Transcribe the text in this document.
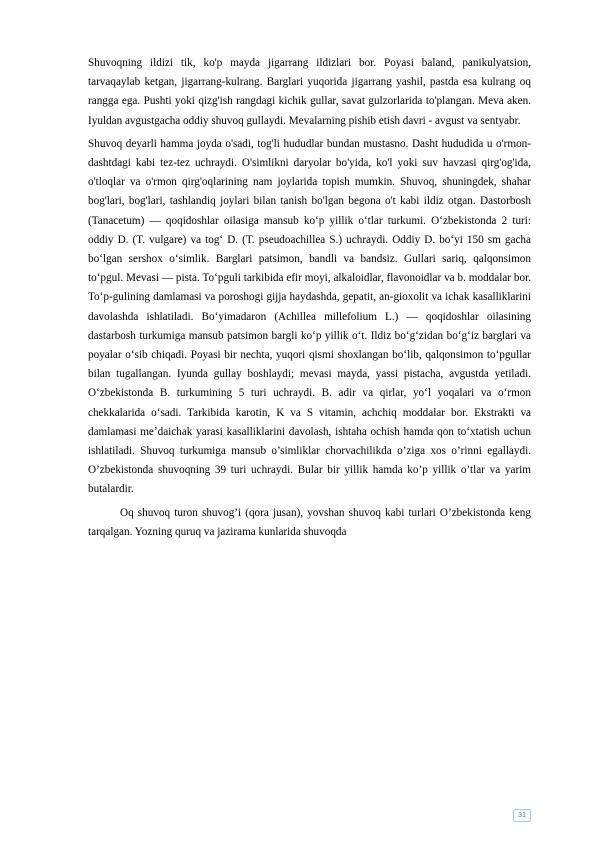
Shuvoqning ildizi tik, ko'p mayda jigarrang ildizlari bor. Poyasi baland, panikulyatsion, tarvaqaylab ketgan, jigarrang-kulrang. Barglari yuqorida jigarrang yashil, pastda esa kulrang oq rangga ega. Pushti yoki qizg'ish rangdagi kichik gullar, savat gulzorlarida to'plangan. Meva aken. Iyuldan avgustgacha oddiy shuvoq gullaydi. Mevalarning pishib etish davri - avgust va sentyabr.

Shuvoq deyarli hamma joyda o'sadi, tog'li hududlar bundan mustasno. Dasht hududida u o'rmon-dashtdagi kabi tez-tez uchraydi. O'simlikni daryolar bo'yida, ko'l yoki suv havzasi qirg'og'ida, o'tloqlar va o'rmon qirg'oqlarining nam joylarida topish mumkin. Shuvoq, shuningdek, shahar bog'lari, bog'lari, tashlandiq joylari bilan tanish bo'lgan begona o't kabi ildiz otgan. Dastorbosh (Tanacetum) — qoqidoshlar oilasiga mansub koʻp yillik oʻtlar turkumi. Oʻzbekistonda 2 turi: oddiy D. (T. vulgare) va togʻ D. (T. pseudoachillea S.) uchraydi. Oddiy D. boʻyi 150 sm gacha boʻlgan sershox oʻsimlik. Barglari patsimon, bandli va bandsiz. Gullari sariq, qalqonsimon toʻpgul. Mevasi — pista. Toʻpguli tarkibida efir moyi, alkaloidlar, flavonoidlar va b. moddalar bor. Toʻp-gulining damlamasi va poroshogi gijja haydashda, gepatit, an-gioxolit va ichak kasalliklarini davolashda ishlatiladi. Boʻyimadaron (Achillea millefolium L.) — qoqidoshlar oilasining dastarbosh turkumiga mansub patsimon bargli koʻp yillik oʻt. Ildiz boʻgʻzidan boʻgʻiz barglari va poyalar oʻsib chiqadi. Poyasi bir nechta, yuqori qismi shoxlangan boʻlib, qalqonsimon toʻpgullar bilan tugallangan. Iyunda gullay boshlaydi; mevasi mayda, yassi pistacha, avgustda yetiladi. Oʻzbekistonda B. turkumining 5 turi uchraydi. B. adir va qirlar, yoʻl yoqalari va oʻrmon chekkalarida oʻsadi. Tarkibida karotin, K va S vitamin, achchiq moddalar bor. Ekstrakti va damlamasi meʼdaichak yarasi kasalliklarini davolash, ishtaha ochish hamda qon toʻxtatish uchun ishlatiladi. Shuvoq turkumiga mansub o’simliklar chorvachilikda o’ziga xos o’rinni egallaydi. O’zbekistonda shuvoqning 39 turi uchraydi. Bular bir yillik hamda ko’p yillik o’tlar va yarim butalardir.

Oq shuvoq turon shuvog’i (qora jusan), yovshan shuvoq kabi turlari O’zbekistonda keng tarqalgan. Yozning quruq va jazirama kunlarida shuvoqda

31
